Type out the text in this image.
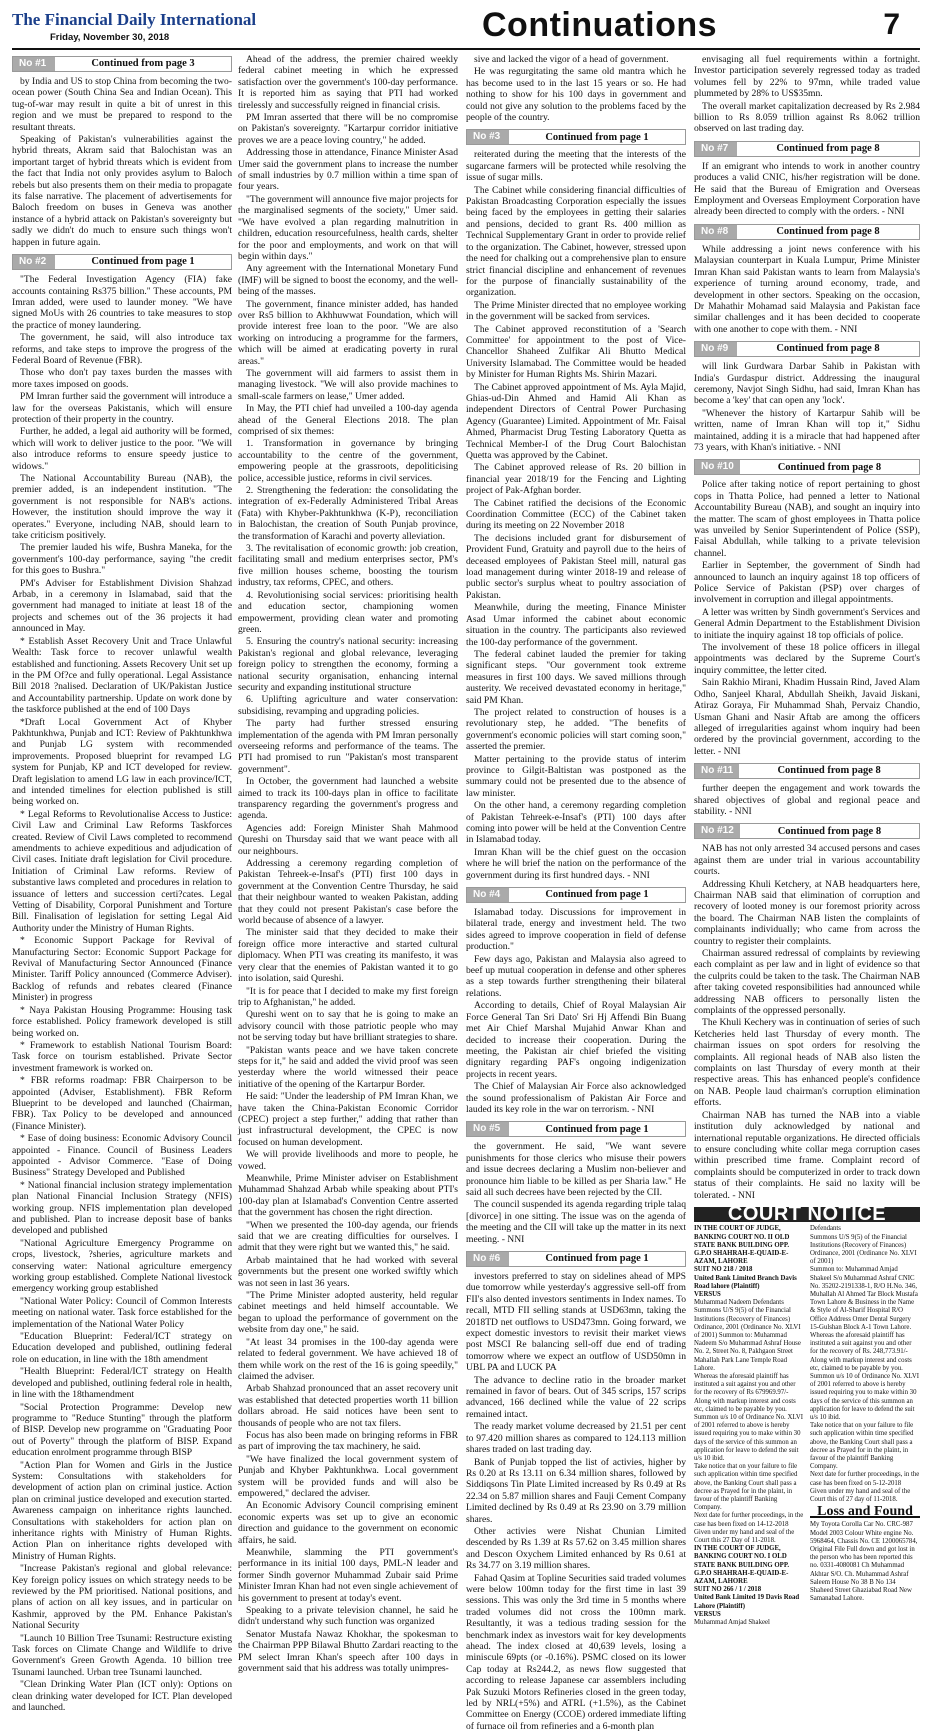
The Financial Daily International
Friday, November 30, 2018	Continuations	7
No #1	Continued from page 3

by India and US to stop China from becoming the two-ocean power (South China Sea and Indian Ocean). This tug-of-war may result in quite a bit of unrest in this region and we must be prepared to respond to the resultant threats.

Speaking of Pakistan's vulnerabilities against the hybrid threats, Akram said that Balochistan was an important target of hybrid threats which is evident from the fact that India not only provides asylum to Baloch rebels but also presents them on their media to propagate its false narrative. The placement of advertisements for Baloch freedom on buses in Geneva was another instance of a hybrid attack on Pakistan's sovereignty but sadly we didn't do much to ensure such things won't happen in future again.

No #2	Continued from page 1

"The Federal Investigation Agency (FIA) fake accounts containing Rs375 billion." These accounts, PM Imran added, were used to launder money. "We have signed MoUs with 26 countries to take measures to stop the practice of money laundering.

The government, he said, will also introduce tax reforms, and take steps to improve the progress of the Federal Board of Revenue (FBR).

Those who don't pay taxes burden the masses with more taxes imposed on goods.

PM Imran further said the government will introduce a law for the overseas Pakistanis, which will ensure protection of their property in the country.

Further, he added, a legal aid authority will be formed, which will work to deliver justice to the poor. "We will also introduce reforms to ensure speedy justice to widows."

The National Accountability Bureau (NAB), the premier added, is an independent institution. "The government is not responsible for NAB's actions. However, the institution should improve the way it operates." Everyone, including NAB, should learn to take criticism positively.

The premier lauded his wife, Bushra Maneka, for the government's 100-day performance, saying "the credit for this goes to Bushra."

PM's Adviser for Establishment Division Shahzad Arbab, in a ceremony in Islamabad, said that the government had managed to initiate at least 18 of the projects and schemes out of the 36 projects it had announced in May.

* Establish Asset Recovery Unit and Trace Unlawful Wealth: Task force to recover unlawful wealth established and functioning. Assets Recovery Unit set up in the PM Of?ce and fully operational. Legal Assistance Bill 2018 ?nalised. Declaration of UK/Pakistan Justice and Accountability partnership. Update on work done by the taskforce published at the end of 100 Days

*Draft Local Government Act of Khyber Pakhtunkhwa, Punjab and ICT: Review of Pakhtunkhwa and Punjab LG system with recommended improvements. Proposed blueprint for revamped LG system for Punjab, KP and ICT developed for review. Draft legislation to amend LG law in each province/ICT, and intended timelines for election published is still being worked on.

* Legal Reforms to Revolutionalise Access to Justice: Civil Law and Criminal Law Reforms Taskforces created. Review of Civil Laws completed to recommend amendments to achieve expeditious and adjudication of Civil cases. Initiate draft legislation for Civil procedure. Initiation of Criminal Law reforms. Review of substantive laws completed and procedures in relation to issuance of letters and succession certi?cates. Legal Vetting of Disability, Corporal Punishment and Torture Bill. Finalisation of legislation for setting Legal Aid Authority under the Ministry of Human Rights.

* Economic Support Package for Revival of Manufacturing Sector: Economic Support Package for Revival of Manufacturing Sector Announced (Finance Minister. Tariff Policy announced (Commerce Adviser). Backlog of refunds and rebates cleared (Finance Minister) in progress

* Naya Pakistan Housing Programme: Housing task force established. Policy framework developed is still being worked on.

* Framework to establish National Tourism Board: Task force on tourism established. Private Sector investment framework is worked on.

* FBR reforms roadmap: FBR Chairperson to be appointed (Adviser, Establishment). FBR Reform Blueprint to be developed and launched (Chairman, FBR). Tax Policy to be developed and announced (Finance Minister).

* Ease of doing business: Economic Advisory Council appointed - Finance. Council of Business Leaders appointed - Advisor Commerce. "Ease of Doing Business" Strategy Developed and Published

* National financial inclusion strategy implementation plan National Financial Inclusion Strategy (NFIS) working group. NFIS implementation plan developed and published. Plan to increase deposit base of banks developed and published

"National Agriculture Emergency Programme on crops, livestock, ?sheries, agriculture markets and conserving water: National agriculture emergency working group established. Complete National livestock emergency working group established

"National Water Policy: Council of Common Interests meeting on national water. Task force established for the implementation of the National Water Policy

"Education Blueprint: Federal/ICT strategy on Education developed and published, outlining federal role on education, in line with the 18th amendment

"Health Blueprint: Federal/ICT strategy on Health developed and published, outlining federal role in health, in line with the 18thamendment

"Social Protection Programme: Develop new programme to "Reduce Stunting" through the platform of BISP. Develop new programme on "Graduating Poor out of Poverty" through the platform of BISP. Expand education enrolment programme through BISP

"Action Plan for Women and Girls in the Justice System: Consultations with stakeholders for development of action plan on criminal justice. Action plan on criminal justice developed and execution started. Awareness campaign on inheritance rights launched. Consultations with stakeholders for action plan on inheritance rights with Ministry of Human Rights. Action Plan on inheritance rights developed with Ministry of Human Rights.

"Increase Pakistan's regional and global relevance: Key foreign policy issues on which strategy needs to be reviewed by the PM prioritised. National positions, and plans of action on all key issues, and in particular on Kashmir, approved by the PM. Enhance Pakistan's National Security

"Launch 10 Billion Tree Tsunami: Restructure existing Task forces on Climate Change and Wildlife to drive Government's Green Growth Agenda. 10 billion tree Tsunami launched. Urban tree Tsunami launched.

"Clean Drinking Water Plan (ICT only): Options on clean drinking water developed for ICT. Plan developed and launched.

Ahead of the address, the premier chaired weekly federal cabinet meeting in which he expressed satisfaction over the government's 100-day performance. It is reported him as saying that PTI had worked tirelessly and successfully reigned in financial crisis.

PM Imran asserted that there will be no compromise on Pakistan's sovereignty. "Kartarpur corridor initiative proves we are a peace loving country," he added.

Addressing those in attendance, Finance Minister Asad Umer said the government plans to increase the number of small industries by 0.7 million within a time span of four years.

"The government will announce five major projects for the marginalised segments of the society," Umer said. "We have evolved a plan regarding malnutrition in children, education resourcefulness, health cards, shelter for the poor and employments, and work on that will begin within days."

Any agreement with the International Monetary Fund (IMF) will be signed to boost the economy, and the well-being of the masses.

The government, finance minister added, has handed over Rs5 billion to Akhhuwwat Foundation, which will provide interest free loan to the poor. "We are also working on introducing a programme for the farmers, which will be aimed at eradicating poverty in rural areas."

The government will aid farmers to assist them in managing livestock. "We will also provide machines to small-scale farmers on lease," Umer added.

In May, the PTI chief had unveiled a 100-day agenda ahead of the General Elections 2018. The plan comprised of six themes:

1. Transformation in governance by bringing accountability to the centre of the government, empowering people at the grassroots, depoliticising police, accessible justice, reforms in civil services.

2. Strengthening the federation: the consolidating the integration of ex-Federally Administered Tribal Areas (Fata) with Khyber-Pakhtunkhwa (K-P), reconciliation in Balochistan, the creation of South Punjab province, the transformation of Karachi and poverty alleviation.

3. The revitalisation of economic growth: job creation, facilitating small and medium enterprises sector, PM's five million houses scheme, boosting the tourism industry, tax reforms, CPEC, and others.

4. Revolutionising social services: prioritising health and education sector, championing women empowerment, providing clean water and promoting green.

5. Ensuring the country's national security: increasing Pakistan's regional and global relevance, leveraging foreign policy to strengthen the economy, forming a national security organisation, enhancing internal security and expanding institutional structure

6. Uplifting agriculture and water conservation: subsidising, revamping and upgrading policies.

The party had further stressed ensuring implementation of the agenda with PM Imran personally overseeing reforms and performance of the teams. The PTI had promised to run "Pakistan's most transparent government".

In October, the government had launched a website aimed to track its 100-days plan in office to facilitate transparency regarding the government's progress and agenda.

Agencies add: Foreign Minister Shah Mahmood Qureshi on Thursday said that we want peace with all our neighbours.

Addressing a ceremony regarding completion of Pakistan Tehreek-e-Insaf's (PTI) first 100 days in government at the Convention Centre Thursday, he said that their neighbour wanted to weaken Pakistan, adding that they could not present Pakistan's case before the world because of absence of a lawyer.

The minister said that they decided to make their foreign office more interactive and started cultural diplomacy. When PTI was creating its manifesto, it was very clear that the enemies of Pakistan wanted it to go into isolation, said Qureshi.

"It is for peace that I decided to make my first foreign trip to Afghanistan," he added.

Qureshi went on to say that he is going to make an advisory council with those patriotic people who may not be serving today but have brilliant strategies to share.

"Pakistan wants peace and we have taken concrete steps for it," he said and added the vivid proof was seen yesterday where the world witnessed their peace initiative of the opening of the Kartarpur Border.

He said: "Under the leadership of PM Imran Khan, we have taken the China-Pakistan Economic Corridor (CPEC) project a step further," adding that rather than just infrastructural development, the CPEC is now focused on human development.

We will provide livelihoods and more to people, he vowed.

Meanwhile, Prime Minister adviser on Establishment Muhammad Shahzad Arbab while speaking about PTI's 100-day plan at Islamabad's Convention Centre asserted that the government has chosen the right direction.

"When we presented the 100-day agenda, our friends said that we are creating difficulties for ourselves. I admit that they were right but we wanted this," he said.

Arbab maintained that he had worked with several governments but the present one worked swiftly which was not seen in last 36 years.

"The Prime Minister adopted austerity, held regular cabinet meetings and held himself accountable. We began to upload the performance of government on the website from day one," he said.

"At least 34 promises in the 100-day agenda were related to federal government. We have achieved 18 of them while work on the rest of the 16 is going speedily," claimed the adviser.

Arbab Shahzad pronounced that an asset recovery unit was established that detected properties worth 11 billion dollars abroad. He said notices have been sent to thousands of people who are not tax filers.

Focus has also been made on bringing reforms in FBR as part of improving the tax machinery, he said.

"We have finalized the local government system of Punjab and Khyber Pakhtunkhwa. Local government system will be provided funds and will also be empowered," declared the adviser.

An Economic Advisory Council comprising eminent economic experts was set up to give an economic direction and guidance to the government on economic affairs, he said.

Meanwhile, slamming the PTI government's performance in its initial 100 days, PML-N leader and former Sindh governor Muhammad Zubair said Prime Minister Imran Khan had not even single achievement of his government to present at today's event.

Speaking to a private television channel, he said he didn't understand why such function was organized

Senator Mustafa Nawaz Khokhar, the spokesman to the Chairman PPP Bilawal Bhutto Zardari reacting to the PM select Imran Khan's speech after 100 days in government said that his address was totally unimpres-

sive and lacked the vigor of a head of government.

He was regurgitating the same old mantra which he has become used to in the last 15 years or so. He had nothing to show for his 100 days in government and could not give any solution to the problems faced by the people of the country.

No #3	Continued from page 1

reiterated during the meeting that the interests of the sugarcane farmers will be protected while resolving the issue of sugar mills.

The Cabinet while considering financial difficulties of Pakistan Broadcasting Corporation especially the issues being faced by the employees in getting their salaries and pensions, decided to grant Rs. 400 million as Technical Supplementary Grant in order to provide relief to the organization. The Cabinet, however, stressed upon the need for chalking out a comprehensive plan to ensure strict financial discipline and enhancement of revenues for the purpose of financially sustainability of the organization.

The Prime Minister directed that no employee working in the government will be sacked from services.

The Cabinet approved reconstitution of a 'Search Committee' for appointment to the post of Vice-Chancellor Shaheed Zulfikar Ali Bhutto Medical University Islamabad. The Committee would be headed by Minister for Human Rights Ms. Shirin Mazari.

The Cabinet approved appointment of Ms. Ayla Majid, Ghias-ud-Din Ahmed and Hamid Ali Khan as independent Directors of Central Power Purchasing Agency (Guarantee) Limited. Appointment of Mr. Faisal Ahmed, Pharmacist Drug Testing Laboratory Quetta as Technical Member-I of the Drug Court Balochistan Quetta was approved by the Cabinet.

The Cabinet approved release of Rs. 20 billion in financial year 2018/19 for the Fencing and Lighting project of Pak-Afghan border.

The Cabinet ratified the decisions of the Economic Coordination Committee (ECC) of the Cabinet taken during its meeting on 22 November 2018

The decisions included grant for disbursement of Provident Fund, Gratuity and payroll due to the heirs of deceased employees of Pakistan Steel mill, natural gas load management during winter 2018-19 and release of public sector's surplus wheat to poultry association of Pakistan.

Meanwhile, during the meeting, Finance Minister Asad Umar informed the cabinet about economic situation in the country. The participants also reviewed the 100-day performance of the government.

The federal cabinet lauded the premier for taking significant steps. "Our government took extreme measures in first 100 days. We saved millions through austerity. We received devastated economy in heritage," said PM Khan.

The project related to construction of houses is a revolutionary step, he added. "The benefits of government's economic policies will start coming soon," asserted the premier.

Matter pertaining to the provide status of interim province to Gilgit-Baltistan was postponed as the summary could not be presented due to the absence of law minister.

On the other hand, a ceremony regarding completion of Pakistan Tehreek-e-Insaf's (PTI) 100 days after coming into power will be held at the Convention Centre in Islamabad today.

Imran Khan will be the chief guest on the occasion where he will brief the nation on the performance of the government during its first hundred days. - NNI

No #4	Continued from page 1

Islamabad today. Discussions for improvement in bilateral trade, energy and investment held. The two sides agreed to improve cooperation in field of defense production."

Few days ago, Pakistan and Malaysia also agreed to beef up mutual cooperation in defense and other spheres as a step towards further strengthening their bilateral relations.

According to details, Chief of Royal Malaysian Air Force General Tan Sri Dato' Sri Hj Affendi Bin Buang met Air Chief Marshal Mujahid Anwar Khan and decided to increase their cooperation. During the meeting, the Pakistan air chief briefed the visiting dignitary regarding PAF's ongoing indigenization projects in recent years.

The Chief of Malaysian Air Force also acknowledged the sound professionalism of Pakistan Air Force and lauded its key role in the war on terrorism. - NNI

No #5	Continued from page 1

the government. He said, "We want severe punishments for those clerics who misuse their powers and issue decrees declaring a Muslim non-believer and pronounce him liable to be killed as per Sharia law." He said all such decrees have been rejected by the CII.

The council suspended its agenda regarding triple talaq [divorce] in one sitting. The issue was on the agenda of the meeting and the CII will take up the matter in its next meeting. - NNI

No #6	Continued from page 1

investors preferred to stay on sidelines ahead of MPS due tomorrow while yesterday's aggressive sell-off from FII's also dented investors sentiments in Index names. To recall, MTD FII selling stands at USD63mn, taking the 2018TD net outflows to USD473mn. Going forward, we expect domestic investors to revisit their market views post MSCI Re balancing sell-off due end of trading tomorrow where we expect an outflow of USD50mn in UBL PA and LUCK PA

The advance to decline ratio in the broader market remained in favor of bears. Out of 345 scrips, 157 scrips advanced, 166 declined while the value of 22 scrips remained intact.

The ready market volume decreased by 21.51 per cent to 97.420 million shares as compared to 124.113 million shares traded on last trading day.

Bank of Punjab topped the list of activies, higher by Rs 0.20 at Rs 13.11 on 6.34 million shares, followed by Siddiqsons Tin Plate Limited increased by Rs 0.49 at Rs 22.34 on 5.87 million shares and Fauji Cement Company Limited declined by Rs 0.49 at Rs 23.90 on 3.79 million shares.

Other activies were Nishat Chunian Limited descended by Rs 1.39 at Rs 57.62 on 3.45 million shares and Descon Oxychem Limited enhanced by Rs 0.61 at Rs 34.77 on 3.19 million shares.

Fahad Qasim at Topline Securities said traded volumes were below 100mn today for the first time in last 39 sessions. This was only the 3rd time in 5 months where traded volumes did not cross the 100mn mark. Resultantly, it was a tedious trading session for the benchmark index as investors wait for key developments ahead. The index closed at 40,639 levels, losing a miniscule 69pts (or -0.16%). PSMC closed on its lower Cap today at Rs244.2, as news flow suggested that according to release Japanese car assemblers including Pak Suzuki Motors Refineries closed in the green today, led by NRL(+5%) and ATRL (+1.5%), as the Cabinet Committee on Energy (CCOE) ordered immediate lifting of furnace oil from refineries and a 6-month plan

envisaging all fuel requirements within a fortnight. Investor participation severely regressed today as traded volumes fell by 22% to 97mn, while traded value plummeted by 28% to US$35mn.

The overall market capitalization decreased by Rs 2.984 billion to Rs 8.059 trillion against Rs 8.062 trillion observed on last trading day.

No #7	Continued from page 8

If an emigrant who intends to work in another country produces a valid CNIC, his/her registration will be done. He said that the Bureau of Emigration and Overseas Employment and Overseas Employment Corporation have already been directed to comply with the orders. - NNI

No #8	Continued from page 8

While addressing a joint news conference with his Malaysian counterpart in Kuala Lumpur, Prime Minister Imran Khan said Pakistan wants to learn from Malaysia's experience of turning around economy, trade, and development in other sectors. Speaking on the occasion, Dr Mahathir Mohamad said Malaysia and Pakistan face similar challenges and it has been decided to cooperate with one another to cope with them. - NNI

No #9	Continued from page 8

will link Gurdwara Darbar Sahib in Pakistan with India's Gurdaspur district. Addressing the inaugural ceremony, Navjot Singh Sidhu, had said, Imran Khan has become a 'key' that can open any 'lock'.

"Whenever the history of Kartarpur Sahib will be written, name of Imran Khan will top it," Sidhu maintained, adding it is a miracle that had happened after 73 years, with Khan's initiative. - NNI

No #10	Continued from page 8

Police after taking notice of report pertaining to ghost cops in Thatta Police, had penned a letter to National Accountability Bureau (NAB), and sought an inquiry into the matter. The scam of ghost employees in Thatta police was unveiled by Senior Superintendent of Police (SSP), Faisal Abdullah, while talking to a private television channel.

Earlier in September, the government of Sindh had announced to launch an inquiry against 18 top officers of Police Service of Pakistan (PSP) over charges of involvement in corruption and illegal appointments.

A letter was written by Sindh government's Services and General Admin Department to the Establishment Division to initiate the inquiry against 18 top officials of police.

The involvement of these 18 police officers in illegal appointments was declared by the Supreme Court's inquiry committee, the letter cited.

Sain Rakhio Mirani, Khadim Hussain Rind, Javed Alam Odho, Sanjeel Kharal, Abdullah Sheikh, Javaid Jiskani, Atiraz Goraya, Fir Muhammad Shah, Pervaiz Chandio, Usman Ghani and Nasir Aftab are among the officers alleged of irregularities against whom inquiry had been ordered by the provincial government, according to the letter. - NNI

No #11	Continued from page 8

further deepen the engagement and work towards the shared objectives of global and regional peace and stability. - NNI

No #12	Continued from page 8

NAB has not only arrested 34 accused persons and cases against them are under trial in various accountability courts.

Addressing Khuli Ketchery, at NAB headquarters here, Chairman NAB said that elimination of corruption and recovery of looted money is our foremost priority across the board. The Chairman NAB listen the complaints of complainants individually; who came from across the country to register their complaints.

Chairman assured redressal of complaints by reviewing each complaint as per law and in light of evidence so that the culprits could be taken to the task. The Chairman NAB after taking coveted responsibilities had announced while addressing NAB officers to personally listen the complaints of the oppressed personally.

The Khuli Kechery was in continuation of series of such Ketcheries held last Thursday of every month. The chairman issues on spot orders for resolving the complaints. All regional heads of NAB also listen the complaints on last Thursday of every month at their respective areas. This has enhanced people's confidence on NAB. People laud chairman's corruption elimination efforts.

Chairman NAB has turned the NAB into a viable institution duly acknowledged by national and international reputable organizations. He directed officials to ensure concluding white collar mega corruption cases within prescribed time frame. Complaint record of complaints should be computerized in order to track down status of their complaints. He said no laxity will be tolerated. - NNI

COURT NOTICE
IN THE COURT OF JUDGE, BANKING COURT NO. II OLD STATE BANK BUILDING OPP. G.P.O SHAHRAH-E-QUAID-E-AZAM, LAHORE
SUIT NO 218 / 2018
United Bank Limited Branch Davis Road lahore (Plaintiff)
VERSUS
Muhammad Nadeem Defendants
Summons U/S 9(5) of the Financial Institutions (Recovery of Finances) Ordinance, 2001 (Ordinance No. XLVI of 2001) Summon to: Muhammad Nadeem S/o Muhammad Ashraf House No. 2, Street No. 8, Pakhgaon Street Mahallah Park Lane Temple Road Lahore.
Whereas the aforesaid plaintiff has instituted a suit against you and other for the recovery of Rs 679969.97/- Along with markup interest and costs etc, claimed to be payable by you. Summon u/s 10 of Ordinance No. XLVI of 2001 referred to above is hereby issued requiring you to make within 30 days of the service of this summon an application for leave to defend the suit u/s 10 ibid.
Take notice that on your failure to file such application within time specified above, the Banking Court shall pass a decree as Prayed for in the plaint, in favour of the plaintiff Banking Company.
Next date for further proceedings, in the case has been fixed on 14-12-2018
Given under my hand and seal of the Court this 27 Day of 11-2018.
IN THE COURT OF JUDGE, BANKING COURT NO. I OLD STATE BANK BUILDING OPP. G.P.O SHAHRAH-E-QUAID-E-AZAM, LAHORE
SUIT NO 266 / 1 / 2018
United Bank Limited 19 Davis Road Lahore (Plaintiff)
VERSUS
Muhammad Amjad Shakeel
Defendants
Summons U/S 9(5) of the Financial Institutions (Recovery of Finances) Ordinance, 2001 (Ordinance No. XLVI of 2001)
Summon to: Muhammad Amjad Shakeel S/o Muhammad Ashraf CNIC No. 35202-2191338-1, R/O H.No. 346, Muhallah Al Ahmed Tar Block Mustafa Town Lahore & Business in the Name & Style of Al-Sharif Hospital R/O Office Address Omer Dental Surgery 15-Gulshan Block A-1 Town Lahore.
Whereas the aforesaid plaintiff has instituted a suit against you and other for the recovery of Rs. 248,773.91/- Along with markup interest and costs etc, claimed to be payable by you. Summon u/s 10 of Ordinance No. XLVI of 2001 referred to above is hereby issued requiring you to make within 30 days of the service of this summon an application for leave to defend the suit u/s 10 ibid.
Take notice that on your failure to file such application within time specified above, the Banking Court shall pass a decree as Prayed for in the plaint, in favour of the plaintiff Banking Company.
Next date for further proceedings, in the case has been fixed on 5-12-2018
Given under my hand and seal of the Court this of 27 day of 11-2018.
Loss and Found
My Toyota Corolla Car No. CRC-987 Model 2003 Colour White engine No. 5968464, Chassis No. CE 1200065784, Original File Full down and got lost in the person who has been reported this no. 0331-4080081 Ch Muhammad Akhtar S/O. Ch. Muhammad Ashraf Saleem House No 38 B No 134 Shaheed Street Ghaziabad Road New Samanabad Lahore.
